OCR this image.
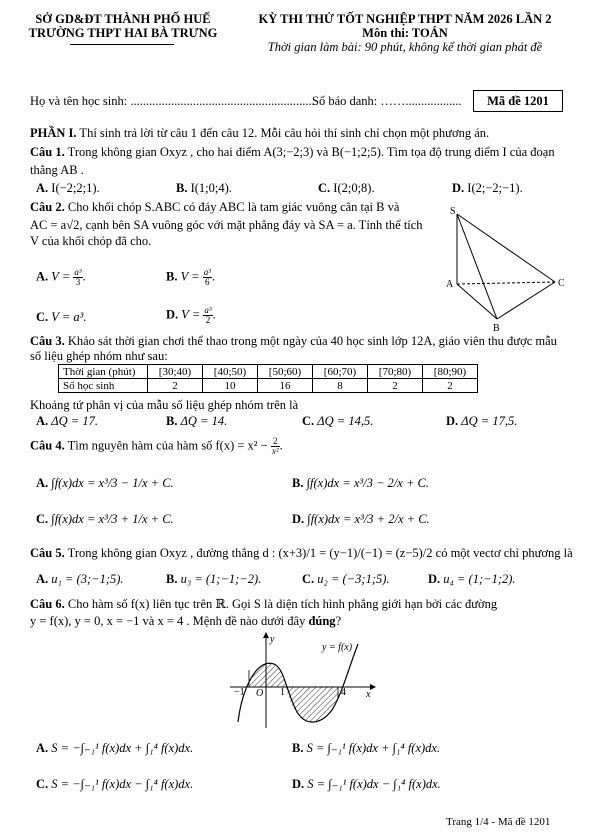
SỞ GD&ĐT THÀNH PHỐ HUẾ
TRƯỜNG THPT HAI BÀ TRƯNG
KỲ THI THỬ TỐT NGHIỆP THPT NĂM 2026 LẦN 2
Môn thi: TOÁN
Thời gian làm bài: 90 phút, không kể thời gian phát đề
Họ và tên học sinh: ...........................................................
Số báo danh: ……..................	Mã đề 1201
PHẦN I. Thí sinh trả lời từ câu 1 đến câu 12. Mỗi câu hỏi thí sinh chỉ chọn một phương án.
Câu 1. Trong không gian Oxyz , cho hai điểm A(3;−2;3) và B(−1;2;5). Tìm tọa độ trung điểm I của đoạn
thẳng AB .
A. I(−2;2;1).	B. I(1;0;4).	C. I(2;0;8).	D. I(2;−2;−1).
Câu 2. Cho khối chóp S.ABC có đáy ABC là tam giác vuông cân tại B và
AC = a√2, cạnh bên SA vuông góc với mặt phẳng đáy và SA = a. Tính thể tích
V của khối chóp đã cho.
A. $V = \frac{\text{a³}}{3}$ .	B. $V = \frac{\text{a³}}{6}$ .
C. V = a³.	D. $V = \frac{\text{a³}}{2}$ .
S
A	C
B
Câu 3. Khảo sát thời gian chơi thể thao trong một ngày của 40 học sinh lớp 12A, giáo viên thu được mẫu
số liệu ghép nhóm như sau:
Thời gian (phút)	[30;40)	[40;50)	[50;60)	[60;70)	[70;80)	[80;90)
Số học sinh	2	10	16	8	2	2
Khoảng tứ phân vị của mẫu số liệu ghép nhóm trên là
A. ΔQ = 17.	B. ΔQ = 14.	C. ΔQ = 14,5.	D. ΔQ = 17,5.
Câu 4. Tìm nguyên hàm của hàm số $f(x) = x^2 - \frac{2}{\text{x²}}$ .
A. ∫f(x)dx = x³/3 − 1/x + C.	B. ∫f(x)dx = x³/3 − 2/x + C.
C. ∫f(x)dx = x³/3 + 1/x + C.	D. ∫f(x)dx = x³/3 + 2/x + C.
Câu 5. Trong không gian Oxyz , đường thẳng d : (x+3)/1 = (y−1)/(−1) = (z−5)/2 có một vectơ chỉ phương là
A. u₁ = (3;−1;5).	B. u₃ = (1;−1;−2).	C. u₂ = (−3;1;5).	D. u₄ = (1;−1;2).
Câu 6. Cho hàm số f(x) liên tục trên ℝ. Gọi S là diện tích hình phẳng giới hạn bởi các đường
y = f(x), y = 0, x = −1 và x = 4 . Mệnh đề nào dưới đây đúng?
y
y = f(x)
−1 O 1	4 x
A. S = −∫₋₁¹ f(x)dx + ∫₁⁴ f(x)dx.	B. S = ∫₋₁¹ f(x)dx + ∫₁⁴ f(x)dx.
C. S = −∫₋₁¹ f(x)dx − ∫₁⁴ f(x)dx.	D. S = ∫₋₁¹ f(x)dx − ∫₁⁴ f(x)dx.
Trang 1/4 - Mã đề 1201
